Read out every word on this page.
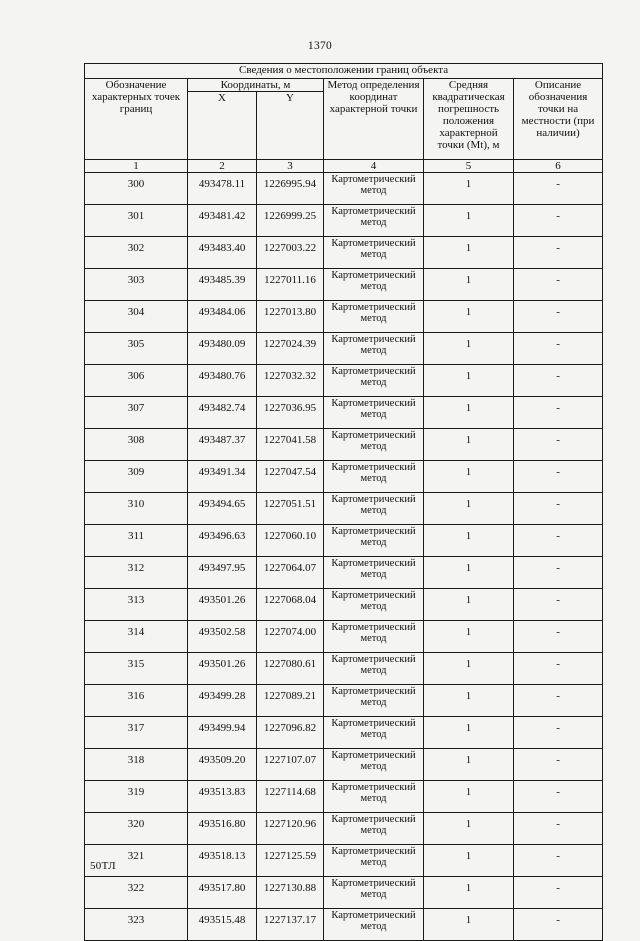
1370
Сведения о местоположении границ объекта					
Обозначение характерных точек границ	Координаты, м		Метод определения координат характерной точки	Средняя квадратическая погрешность положения характерной точки (Mt), м	Описание обозначения точки на местности (при наличии)
	X	Y			
1	2	3	4	5	6
300	493478.11	1226995.94	Картометрический метод	1	-
301	493481.42	1226999.25	Картометрический метод	1	-
302	493483.40	1227003.22	Картометрический метод	1	-
303	493485.39	1227011.16	Картометрический метод	1	-
304	493484.06	1227013.80	Картометрический метод	1	-
305	493480.09	1227024.39	Картометрический метод	1	-
306	493480.76	1227032.32	Картометрический метод	1	-
307	493482.74	1227036.95	Картометрический метод	1	-
308	493487.37	1227041.58	Картометрический метод	1	-
309	493491.34	1227047.54	Картометрический метод	1	-
310	493494.65	1227051.51	Картометрический метод	1	-
311	493496.63	1227060.10	Картометрический метод	1	-
312	493497.95	1227064.07	Картометрический метод	1	-
313	493501.26	1227068.04	Картометрический метод	1	-
314	493502.58	1227074.00	Картометрический метод	1	-
315	493501.26	1227080.61	Картометрический метод	1	-
316	493499.28	1227089.21	Картометрический метод	1	-
317	493499.94	1227096.82	Картометрический метод	1	-
318	493509.20	1227107.07	Картометрический метод	1	-
319	493513.83	1227114.68	Картометрический метод	1	-
320	493516.80	1227120.96	Картометрический метод	1	-
321	493518.13	1227125.59	Картометрический метод	1	-
322	493517.80	1227130.88	Картометрический метод	1	-
323	493515.48	1227137.17	Картометрический метод	1	-
50ТЛ
